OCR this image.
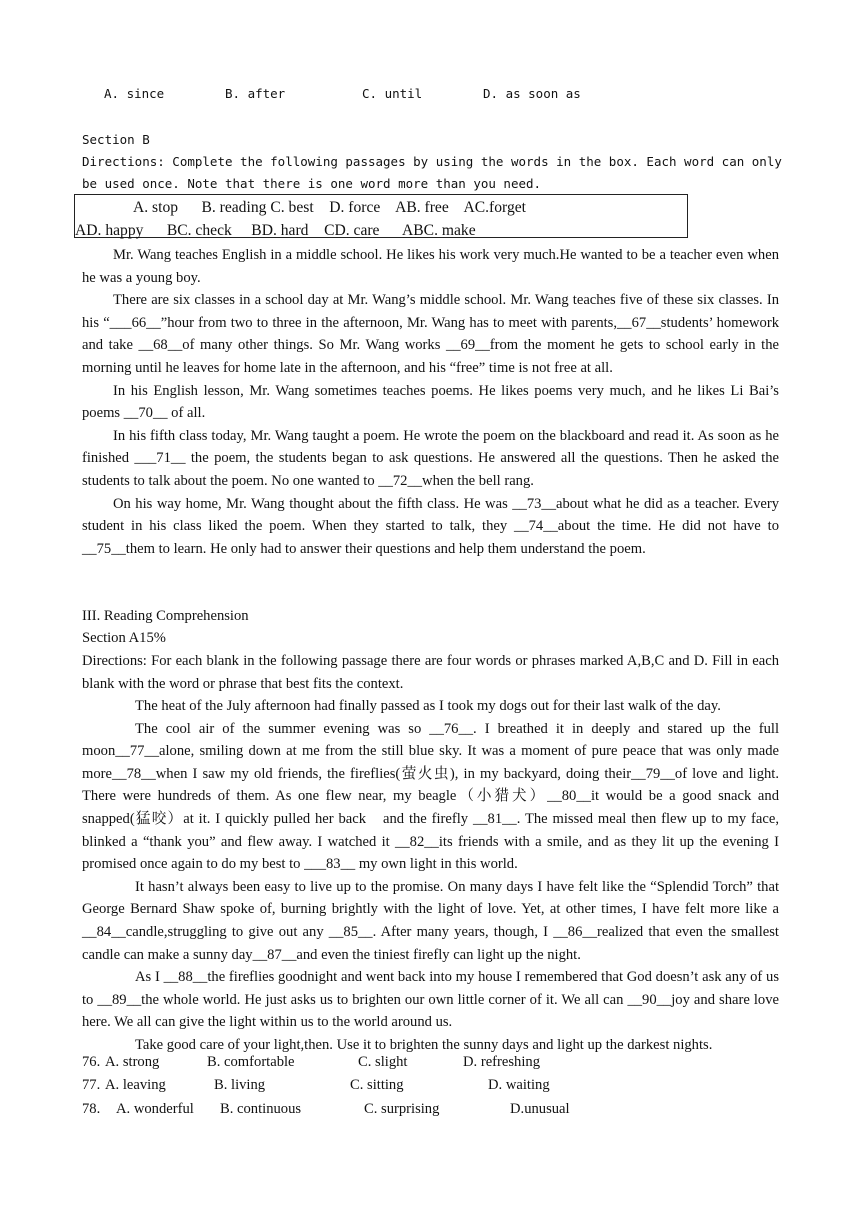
A. since	B. after	C. until	D. as soon as
Section B
Directions: Complete the following passages by using the words in the box. Each word can only
be used once. Note that there is one word more than you need.
A. stop B. reading C. best D. force AB. free AC.forget
AD. happy BC. check BD. hard CD. care ABC. make

Mr. Wang teaches English in a middle school. He likes his work very much.He wanted to be a teacher even when he was a young boy.

There are six classes in a school day at Mr. Wang’s middle school. Mr. Wang teaches five of these six classes. In his “___66__”hour from two to three in the afternoon, Mr. Wang has to meet with parents,__67__students’ homework and take __68__of many other things. So Mr. Wang works __69__from the moment he gets to school early in the morning until he leaves for home late in the afternoon, and his “free” time is not free at all.

In his English lesson, Mr. Wang sometimes teaches poems. He likes poems very much, and he likes Li Bai’s poems __70__ of all.

In his fifth class today, Mr. Wang taught a poem. He wrote the poem on the blackboard and read it. As soon as he finished ___71__ the poem, the students began to ask questions. He answered all the questions. Then he asked the students to talk about the poem. No one wanted to __72__when the bell rang.

On his way home, Mr. Wang thought about the fifth class. He was __73__about what he did as a teacher. Every student in his class liked the poem. When they started to talk, they __74__about the time. He did not have to __75__them to learn. He only had to answer their questions and help them understand the poem.

III. Reading Comprehension
Section A15%
Directions: For each blank in the following passage there are four words or phrases marked A,B,C and D. Fill in each blank with the word or phrase that best fits the context.

The heat of the July afternoon had finally passed as I took my dogs out for their last walk of the day.

The cool air of the summer evening was so __76__. I breathed it in deeply and stared up the full moon__77__alone, smiling down at me from the still blue sky. It was a moment of pure peace that was only made more__78__when I saw my old friends, the fireflies(萤火虫), in my backyard, doing their__79__of love and light. There were hundreds of them. As one flew near, my beagle（小猎犬）__80__it would be a good snack and snapped(猛咬）at it. I quickly pulled her back　and the firefly __81__. The missed meal then flew up to my face, blinked a “thank you” and flew away. I watched it __82__its friends with a smile, and as they lit up the evening I promised once again to do my best to ___83__ my own light in this world.

It hasn’t always been easy to live up to the promise. On many days I have felt like the “Splendid Torch” that George Bernard Shaw spoke of, burning brightly with the light of love. Yet, at other times, I have felt more like a __84__candle,struggling to give out any __85__. After many years, though, I __86__realized that even the smallest candle can make a sunny day__87__and even the tiniest firefly can light up the night.

As I __88__the fireflies goodnight and went back into my house I remembered that God doesn’t ask any of us to __89__the whole world. He just asks us to brighten our own little corner of it. We all can __90__joy and share love here. We all can give the light within us to the world around us.

Take good care of your light,then. Use it to brighten the sunny days and light up the darkest nights.

76. A. strong	B. comfortable	C. slight	D. refreshing
77. A. leaving	B. living	C. sitting	D. waiting
78. A. wonderful B. continuous	C. surprising	D.unusual
